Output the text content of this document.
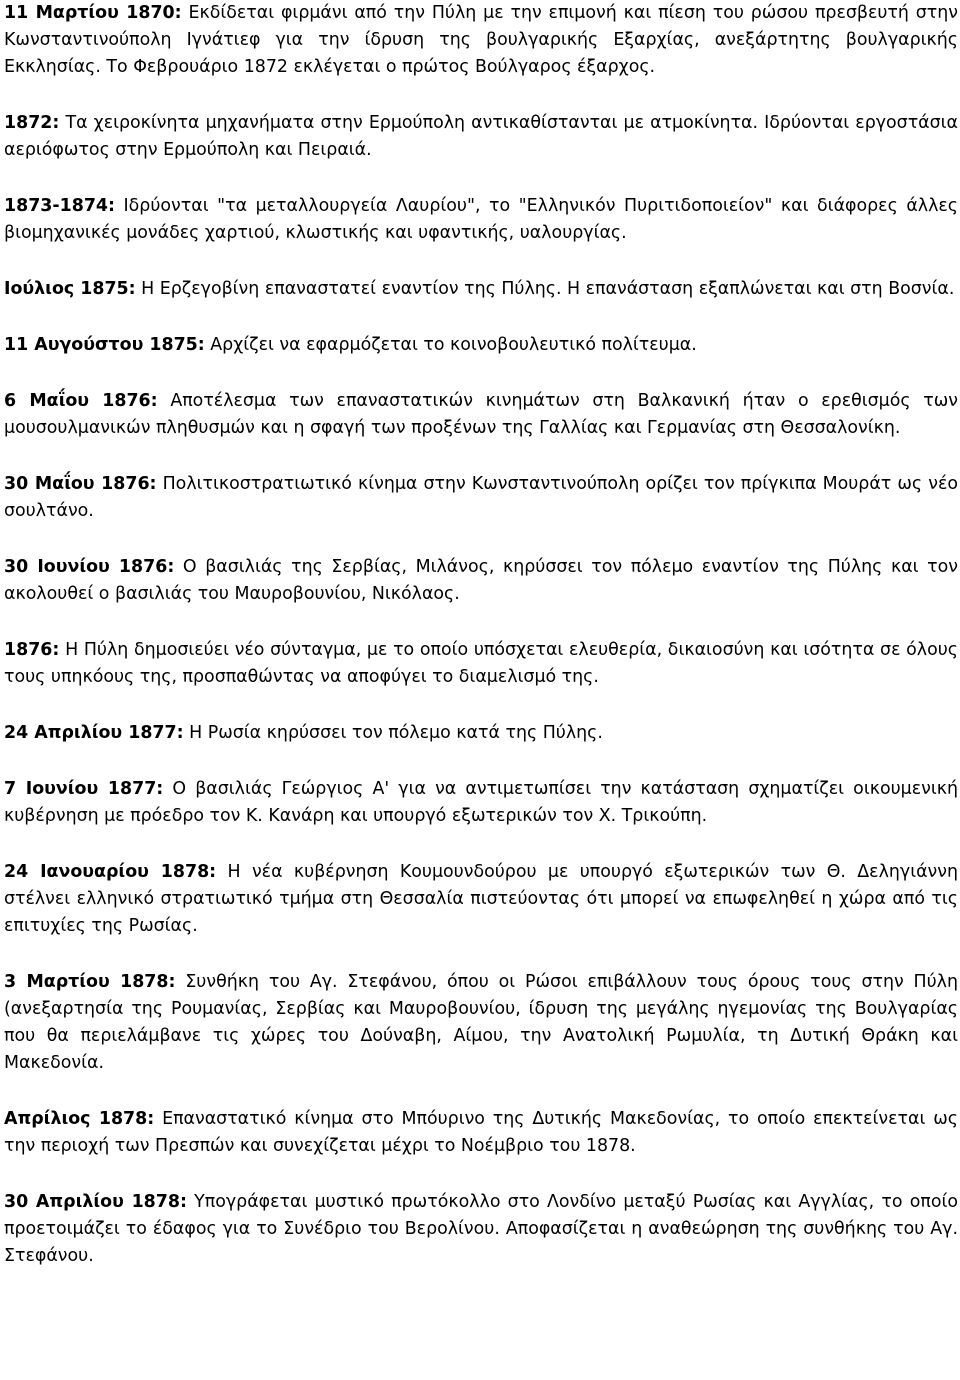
11 Μαρτίου 1870: Εκδίδεται φιρμάνι από την Πύλη με την επιμονή και πίεση του ρώσου πρεσβευτή στην Κωνσταντινούπολη Ιγνάτιεφ για την ίδρυση της βουλγαρικής Εξαρχίας, ανεξάρτητης βουλγαρικής Εκκλησίας. Το Φεβρουάριο 1872 εκλέγεται ο πρώτος Βούλγαρος έξαρχος.

1872: Τα χειροκίνητα μηχανήματα στην Ερμούπολη αντικαθίστανται με ατμοκίνητα. Ιδρύονται εργοστάσια αεριόφωτος στην Ερμούπολη και Πειραιά.

1873-1874: Ιδρύονται "τα μεταλλουργεία Λαυρίου", το "Ελληνικόν Πυριτιδοποιείον" και διάφορες άλλες βιομηχανικές μονάδες χαρτιού, κλωστικής και υφαντικής, υαλουργίας.

Ιούλιος 1875: Η Ερζεγοβίνη επαναστατεί εναντίον της Πύλης. Η επανάσταση εξαπλώνεται και στη Βοσνία.

11 Αυγούστου 1875: Αρχίζει να εφαρμόζεται το κοινοβουλευτικό πολίτευμα.

6 Μαΐου 1876: Αποτέλεσμα των επαναστατικών κινημάτων στη Βαλκανική ήταν ο ερεθισμός των μουσουλμανικών πληθυσμών και η σφαγή των προξένων της Γαλλίας και Γερμανίας στη Θεσσαλονίκη.

30 Μαΐου 1876: Πολιτικοστρατιωτικό κίνημα στην Κωνσταντινούπολη ορίζει τον πρίγκιπα Μουράτ ως νέο σουλτάνο.

30 Ιουνίου 1876: Ο βασιλιάς της Σερβίας, Μιλάνος, κηρύσσει τον πόλεμο εναντίον της Πύλης και τον ακολουθεί ο βασιλιάς του Μαυροβουνίου, Νικόλαος.

1876: Η Πύλη δημοσιεύει νέο σύνταγμα, με το οποίο υπόσχεται ελευθερία, δικαιοσύνη και ισότητα σε όλους τους υπηκόους της, προσπαθώντας να αποφύγει το διαμελισμό της.

24 Απριλίου 1877: Η Ρωσία κηρύσσει τον πόλεμο κατά της Πύλης.

7 Ιουνίου 1877: Ο βασιλιάς Γεώργιος Α' για να αντιμετωπίσει την κατάσταση σχηματίζει οικουμενική κυβέρνηση με πρόεδρο τον Κ. Κανάρη και υπουργό εξωτερικών τον Χ. Τρικούπη.

24 Ιανουαρίου 1878: Η νέα κυβέρνηση Κουμουνδούρου με υπουργό εξωτερικών των Θ. Δεληγιάννη στέλνει ελληνικό στρατιωτικό τμήμα στη Θεσσαλία πιστεύοντας ότι μπορεί να επωφεληθεί η χώρα από τις επιτυχίες της Ρωσίας.

3 Μαρτίου 1878: Συνθήκη του Αγ. Στεφάνου, όπου οι Ρώσοι επιβάλλουν τους όρους τους στην Πύλη (ανεξαρτησία της Ρουμανίας, Σερβίας και Μαυροβουνίου, ίδρυση της μεγάλης ηγεμονίας της Βουλγαρίας που θα περιελάμβανε τις χώρες του Δούναβη, Αίμου, την Ανατολική Ρωμυλία, τη Δυτική Θράκη και Μακεδονία.

Απρίλιος 1878: Επαναστατικό κίνημα στο Μπόυρινο της Δυτικής Μακεδονίας, το οποίο επεκτείνεται ως την περιοχή των Πρεσπών και συνεχίζεται μέχρι το Νοέμβριο του 1878.

30 Απριλίου 1878: Υπογράφεται μυστικό πρωτόκολλο στο Λονδίνο μεταξύ Ρωσίας και Αγγλίας, το οποίο προετοιμάζει το έδαφος για το Συνέδριο του Βερολίνου. Αποφασίζεται η αναθεώρηση της συνθήκης του Αγ. Στεφάνου.
